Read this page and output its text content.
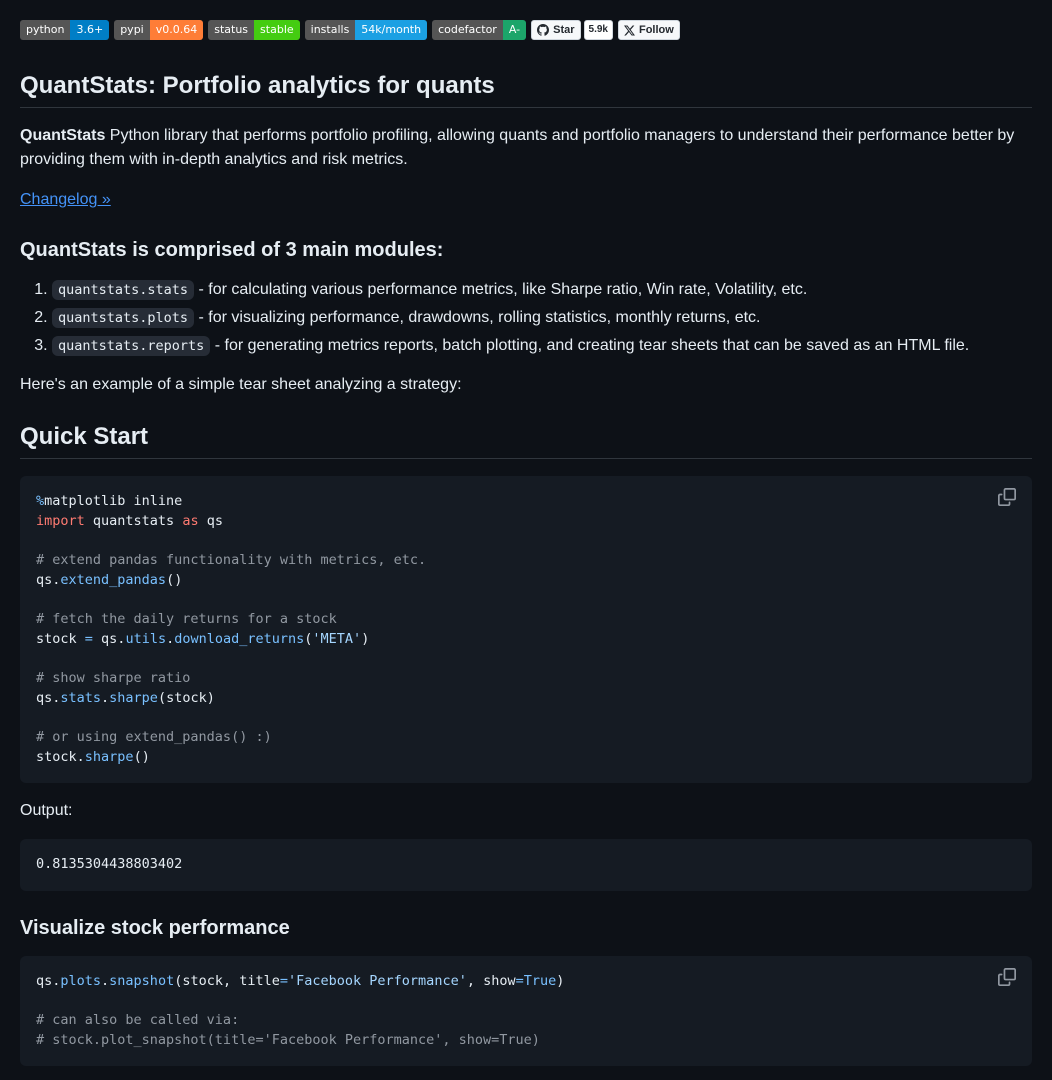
python	3.6+	pypi	v0.0.64	status	stable	installs	54k/month	codefactor	A-	Star	5.9k	Follow
QuantStats: Portfolio analytics for quants

QuantStats Python library that performs portfolio profiling, allowing quants and portfolio managers to understand their performance better by providing them with in-depth analytics and risk metrics.

Changelog »
QuantStats is comprised of 3 main modules:
1. quantstats.stats - for calculating various performance metrics, like Sharpe ratio, Win rate, Volatility, etc.
2. quantstats.plots - for visualizing performance, drawdowns, rolling statistics, monthly returns, etc.
3. quantstats.reports - for generating metrics reports, batch plotting, and creating tear sheets that can be saved as an HTML file.

Here's an example of a simple tear sheet analyzing a strategy:

Quick Start
%matplotlib inline
import quantstats as qs

# extend pandas functionality with metrics, etc.
qs.extend_pandas()

# fetch the daily returns for a stock
stock = qs.utils.download_returns('META')

# show sharpe ratio
qs.stats.sharpe(stock)

# or using extend_pandas() :)
stock.sharpe()

Output:

0.8135304438803402
Visualize stock performance
qs.plots.snapshot(stock, title='Facebook Performance', show=True)

# can also be called via:
# stock.plot_snapshot(title='Facebook Performance', show=True)
